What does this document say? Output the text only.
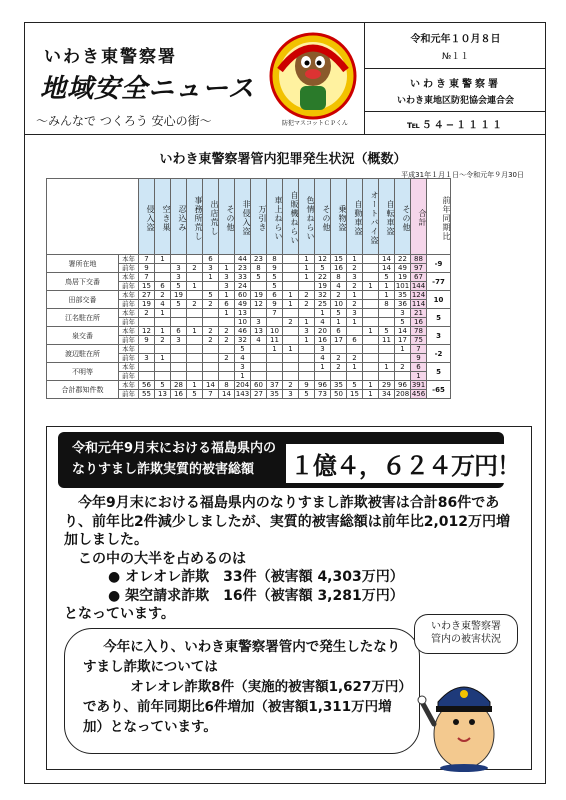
いわき東警察署
地域安全ニュース
〜みんなで つくろう 安心の街〜	防犯マスコットＣＰくん
令和元年１０月８日
№１１
いわき東警察署
いわき東地区防犯協会連合会
℡５４−１１１１
いわき東警察署管内犯罪発生状況（概数）
平成31年１月１日〜令和元年９月30日
		侵入盗	空き巣	忍込み	事務所荒し	出店荒し	その他	非侵入盗	万引き	車上ねらい	自販機ねらい	色情ねらい	その他	乗物盗	自動車盗	オートバイ盗	自転車盗	その他	合計	前年同期比
署所在地	本年	7	1			6		44	23	8		1	12	15	1		14	22	88	-9
	前年	9		3	2	3	1	23	8	9		1	5	16	2		14	49	97	
鳥居下交番	本年	7		3		1	3	33	5	5		1	22	8	3		5	19	67	-77
	前年	15	6	5	1		3	24		5			19	4	2	1	1	101	144	
田部交番	本年	27	2	19		5	1	60	19	6	1	2	32	2	1		1	35	124	10
	前年	19	4	5	2	2	6	49	12	9	1	2	25	10	2		8	36	114	
江名駐在所	本年	2	1				1	13		7			1	5	3			3	21	5
	前年							10	3		2	1	4	1	1			5	16	
泉交番	本年	12	1	6	1	2	2	46	13	10		3	20	6		1	5	14	78	3
	前年	9	2	3		2	2	32	4	11		1	16	17	6		11	17	75	
渡辺駐在所	本年							5		1	1		3					1	7	-2
	前年	3	1				2	4					4	2	2				9	
不明等	本年							3					1	2	1		1	2	6	5
	前年							1											1	
合計郡知件数	本年	56	5	28	1	14	8	204	60	37	2	9	96	35	5	1	29	96	391	-65
	前年	55	13	16	5	7	14	143	27	35	3	5	73	50	15	1	34	208	456	
令和元年9月末における福島県内の
なりすまし詐欺実質的被害総額	１億４，６２４万円！
今年9月末における福島県内のなりすまし詐欺被害は合計86件であり、前年比2件減少しましたが、実質的被害総額は前年比2,012万円増加しました。
この中の大半を占めるのは
● オレオレ詐欺　33件（被害額 4,303万円）
● 架空請求詐欺　16件（被害額 3,281万円）
となっています。
今年に入り、いわき東警察署管内で発生したなりすまし詐欺については
オレオレ詐欺8件（実施的被害額1,627万円）であり、前年同期比6件増加（被害額1,311万円増加）となっています。
いわき東警察署
管内の被害状況
